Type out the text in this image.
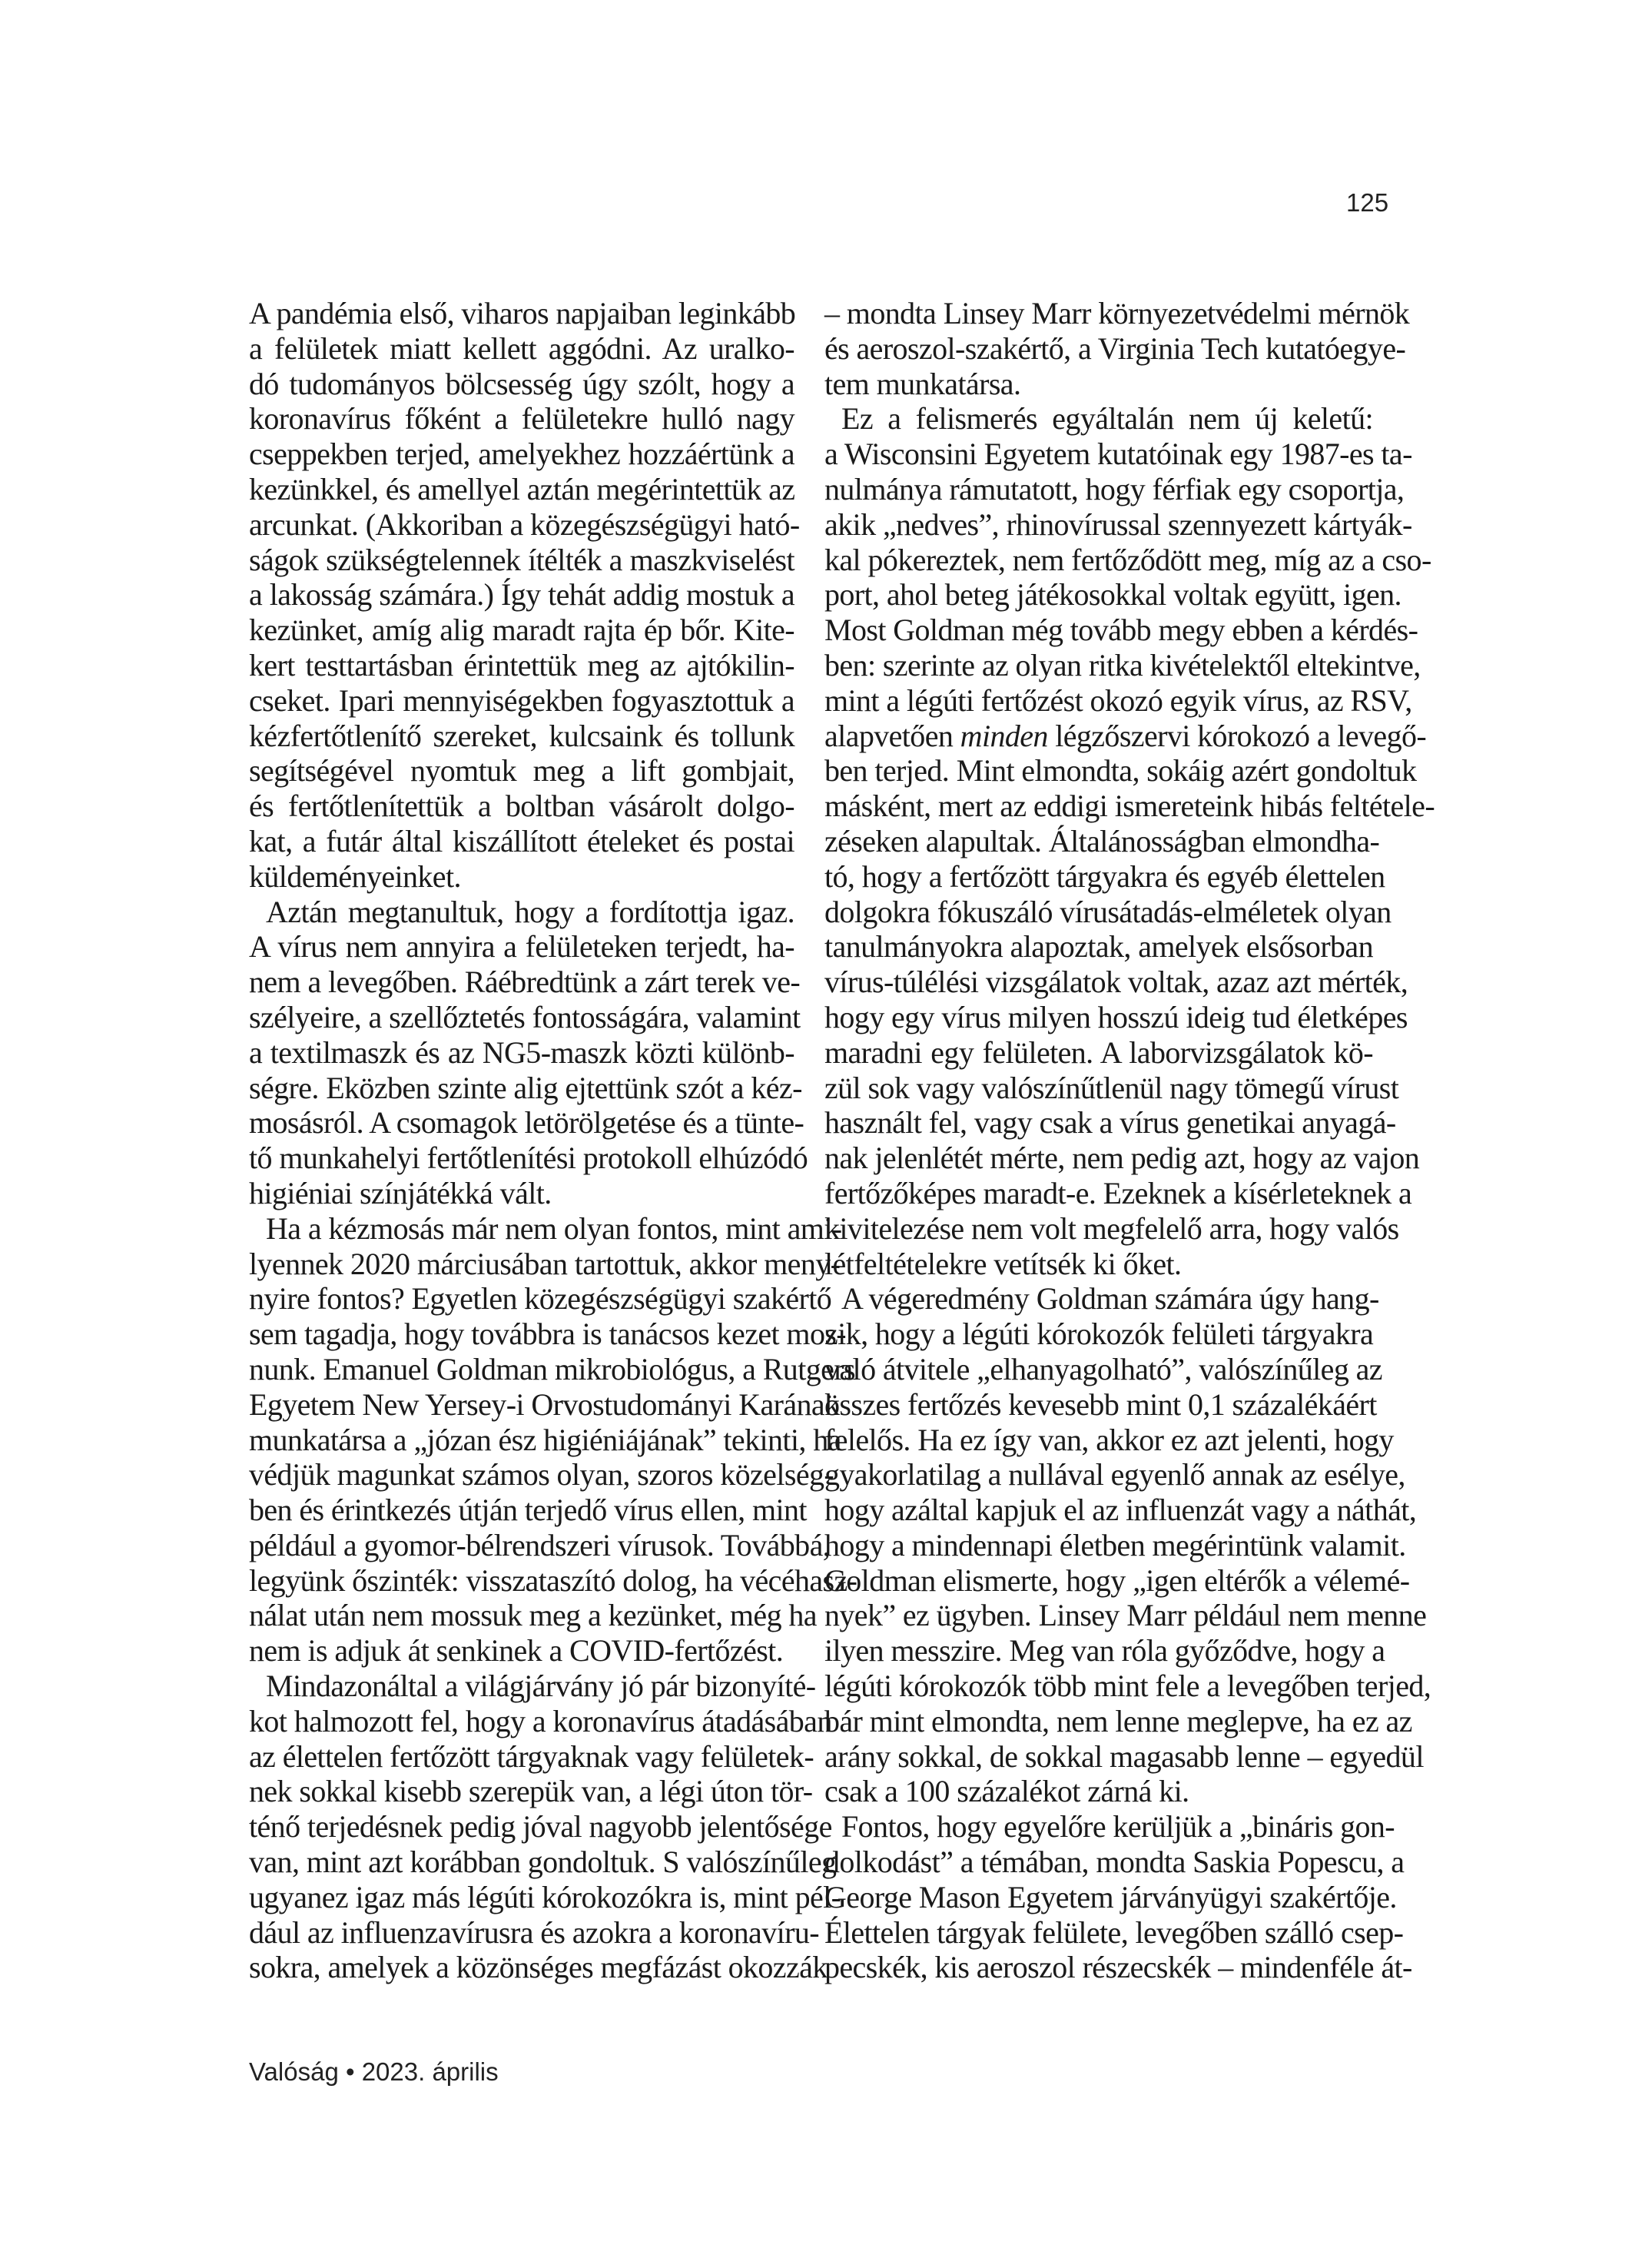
125
A pandémia első, viharos napjaiban leginkább
a felületek miatt kellett aggódni. Az uralko-
dó tudományos bölcsesség úgy szólt, hogy a
koronavírus főként a felületekre hulló nagy
cseppekben terjed, amelyekhez hozzáértünk a
kezünkkel, és amellyel aztán megérintettük az
arcunkat. (Akkoriban a közegészségügyi ható-
ságok szükségtelennek ítélték a maszkviselést
a lakosság számára.) Így tehát addig mostuk a
kezünket, amíg alig maradt rajta ép bőr. Kite-
kert testtartásban érintettük meg az ajtókilin-
cseket. Ipari mennyiségekben fogyasztottuk a
kézfertőtlenítő szereket, kulcsaink és tollunk
segítségével nyomtuk meg a lift gombjait,
és fertőtlenítettük a boltban vásárolt dolgo-
kat, a futár által kiszállított ételeket és postai
küldeményeinket.
Aztán megtanultuk, hogy a fordítottja igaz.
A vírus nem annyira a felületeken terjedt, ha-
nem a levegőben. Ráébredtünk a zárt terek ve-
szélyeire, a szellőztetés fontosságára, valamint
a textilmaszk és az NG5-maszk közti különb-
ségre. Eközben szinte alig ejtettünk szót a kéz-
mosásról. A csomagok letörölgetése és a tünte-
tő munkahelyi fertőtlenítési protokoll elhúzódó
higiéniai színjátékká vált.
Ha a kézmosás már nem olyan fontos, mint ami-
lyennek 2020 márciusában tartottuk, akkor meny-
nyire fontos? Egyetlen közegészségügyi szakértő
sem tagadja, hogy továbbra is tanácsos kezet mos-
nunk. Emanuel Goldman mikrobiológus, a Rutgers
Egyetem New Yersey-i Orvostudományi Karának
munkatársa a „józan ész higiéniájának” tekinti, ha
védjük magunkat számos olyan, szoros közelség-
ben és érintkezés útján terjedő vírus ellen, mint
például a gyomor-bélrendszeri vírusok. Továbbá,
legyünk őszinték: visszataszító dolog, ha vécéhasz-
nálat után nem mossuk meg a kezünket, még ha
nem is adjuk át senkinek a COVID-fertőzést.
Mindazonáltal a világjárvány jó pár bizonyíté-
kot halmozott fel, hogy a koronavírus átadásában
az élettelen fertőzött tárgyaknak vagy felületek-
nek sokkal kisebb szerepük van, a légi úton tör-
ténő terjedésnek pedig jóval nagyobb jelentősége
van, mint azt korábban gondoltuk. S valószínűleg
ugyanez igaz más légúti kórokozókra is, mint pél-
dául az influenzavírusra és azokra a koronavíru-
sokra, amelyek a közönséges megfázást okozzák
– mondta Linsey Marr környezetvédelmi mérnök
és aeroszol-szakértő, a Virginia Tech kutatóegye-
tem munkatársa.
Ez a felismerés egyáltalán nem új keletű:
a Wisconsini Egyetem kutatóinak egy 1987-es ta-
nulmánya rámutatott, hogy férfiak egy csoportja,
akik „nedves”, rhinovírussal szennyezett kártyák-
kal pókereztek, nem fertőződött meg, míg az a cso-
port, ahol beteg játékosokkal voltak együtt, igen.
Most Goldman még tovább megy ebben a kérdés-
ben: szerinte az olyan ritka kivételektől eltekintve,
mint a légúti fertőzést okozó egyik vírus, az RSV,
alapvetően minden légzőszervi kórokozó a levegő-
ben terjed. Mint elmondta, sokáig azért gondoltuk
másként, mert az eddigi ismereteink hibás feltétele-
zéseken alapultak. Általánosságban elmondha-
tó, hogy a fertőzött tárgyakra és egyéb élettelen
dolgokra fókuszáló vírusátadás-elméletek olyan
tanulmányokra alapoztak, amelyek elsősorban
vírus-túlélési vizsgálatok voltak, azaz azt mérték,
hogy egy vírus milyen hosszú ideig tud életképes
maradni egy felületen. A laborvizsgálatok kö-
zül sok vagy valószínűtlenül nagy tömegű vírust
használt fel, vagy csak a vírus genetikai anyagá-
nak jelenlétét mérte, nem pedig azt, hogy az vajon
fertőzőképes maradt-e. Ezeknek a kísérleteknek a
kivitelezése nem volt megfelelő arra, hogy valós
létfeltételekre vetítsék ki őket.
A végeredmény Goldman számára úgy hang-
zik, hogy a légúti kórokozók felületi tárgyakra
való átvitele „elhanyagolható”, valószínűleg az
összes fertőzés kevesebb mint 0,1 százalékáért
felelős. Ha ez így van, akkor ez azt jelenti, hogy
gyakorlatilag a nullával egyenlő annak az esélye,
hogy azáltal kapjuk el az influenzát vagy a náthát,
hogy a mindennapi életben megérintünk valamit.
Goldman elismerte, hogy „igen eltérők a vélemé-
nyek” ez ügyben. Linsey Marr például nem menne
ilyen messzire. Meg van róla győződve, hogy a
légúti kórokozók több mint fele a levegőben terjed,
bár mint elmondta, nem lenne meglepve, ha ez az
arány sokkal, de sokkal magasabb lenne – egyedül
csak a 100 százalékot zárná ki.
Fontos, hogy egyelőre kerüljük a „bináris gon-
dolkodást” a témában, mondta Saskia Popescu, a
George Mason Egyetem járványügyi szakértője.
Élettelen tárgyak felülete, levegőben szálló csep-
pecskék, kis aeroszol részecskék – mindenféle át-
Valóság • 2023. április
